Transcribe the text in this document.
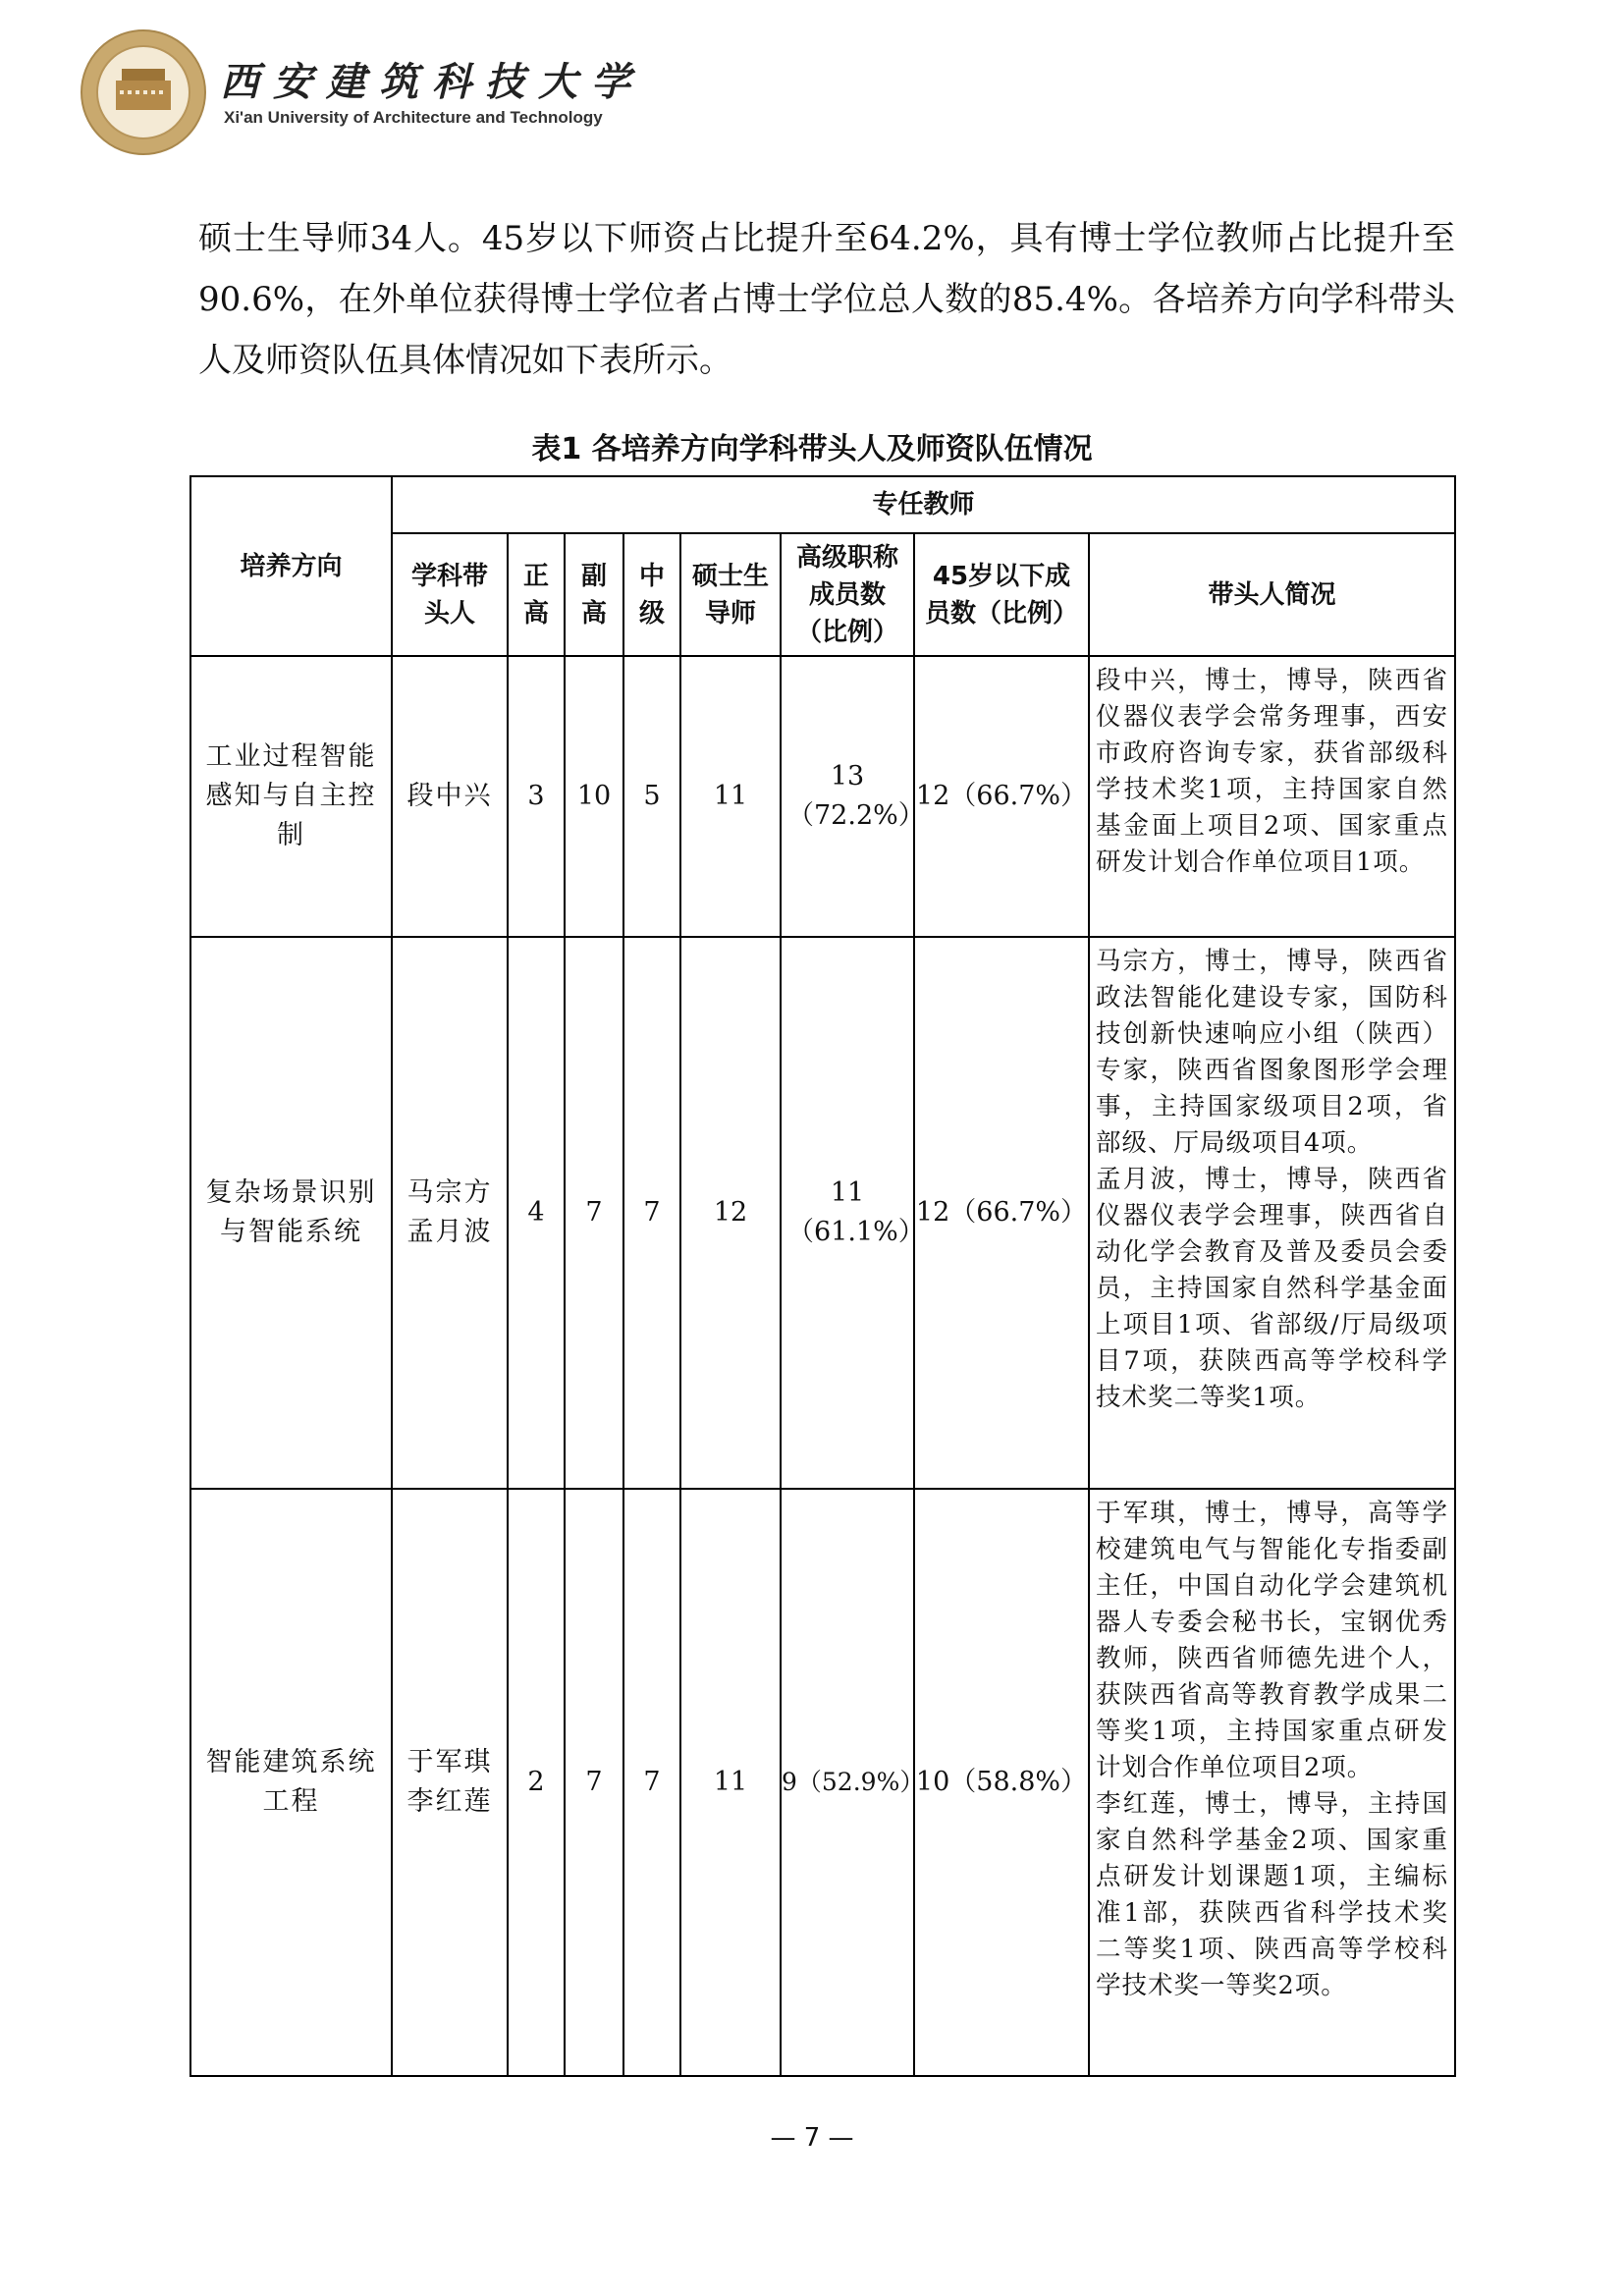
西安建筑科技大学
Xi'an University of Architecture and Technology
硕士生导师34人。45岁以下师资占比提升至64.2%，具有博士学位教师占比提升至90.6%，在外单位获得博士学位者占博士学位总人数的85.4%。各培养方向学科带头人及师资队伍具体情况如下表所示。
表1 各培养方向学科带头人及师资队伍情况
培养方向	专任教师							
	学科带头人	正高	副高	中级	硕士生导师	高级职称成员数（比例）	45岁以下成员数（比例）	带头人简况
工业过程智能感知与自主控制	段中兴	3	10	5	11	13（72.2%）	12（66.7%）	段中兴，博士，博导，陕西省仪器仪表学会常务理事，西安市政府咨询专家，获省部级科学技术奖1项，主持国家自然基金面上项目2项、国家重点研发计划合作单位项目1项。

复杂场景识别与智能系统	马宗方 孟月波	4	7	7	12	11（61.1%）	12（66.7%）	马宗方，博士，博导，陕西省政法智能化建设专家，国防科技创新快速响应小组（陕西）专家，陕西省图象图形学会理事，主持国家级项目2项，省部级、厅局级项目4项。

孟月波，博士，博导，陕西省仪器仪表学会理事，陕西省自动化学会教育及普及委员会委员，主持国家自然科学基金面上项目1项、省部级/厅局级项目7项，获陕西高等学校科学技术奖二等奖1项。

智能建筑系统工程	于军琪 李红莲	2	7	7	11	9（52.9%）	10（58.8%）	于军琪，博士，博导，高等学校建筑电气与智能化专指委副主任，中国自动化学会建筑机器人专委会秘书长，宝钢优秀教师，陕西省师德先进个人，获陕西省高等教育教学成果二等奖1项，主持国家重点研发计划合作单位项目2项。

李红莲，博士，博导，主持国家自然科学基金2项、国家重点研发计划课题1项，主编标准1部，获陕西省科学技术奖二等奖1项、陕西高等学校科学技术奖一等奖2项。

— 7 —
